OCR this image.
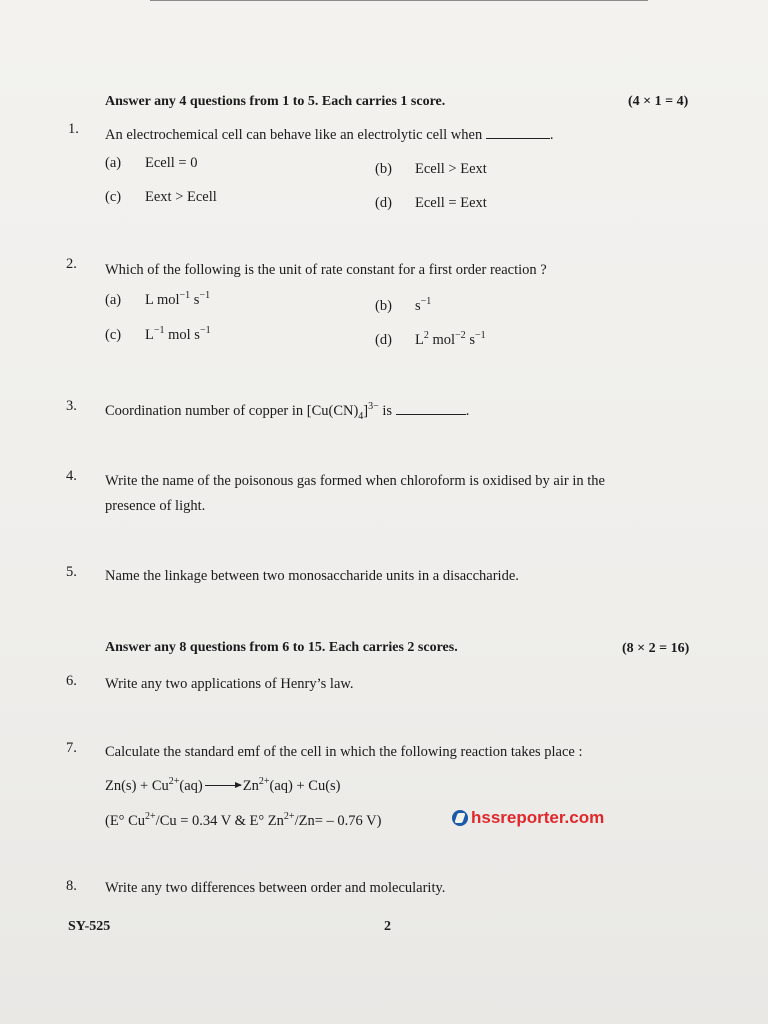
Answer any 4 questions from 1 to 5. Each carries 1 score.	(4 × 1 = 4)
1. An electrochemical cell can behave like an electrolytic cell when	.
(a) Ecell = 0	(b) Ecell > Eext
(c) Eext > Ecell	(d) Ecell = Eext
2. Which of the following is the unit of rate constant for a first order reaction ?
(a) L mol$^{-1}$ $s^{-1}$
(b) $s^{-1}$
(c) $L^{-1}$ mol $s^{-1}$
(d) $L^2$ mol$^{-2}$ $s^{-1}$
3. Coordination number of copper in $[Cu(CN)_4]^{3-}$ is	.
4. Write the name of the poisonous gas formed when chloroform is oxidised by air in the
presence of light.
5. Name the linkage between two monosaccharide units in a disaccharide.
Answer any 8 questions from 6 to 15. Each carries 2 scores.	(8 × 2 = 16)
6. Write any two applications of Henry’s law.
7. Calculate the standard emf of the cell in which the following reaction takes place :
$Zn(s) + Cu^{2+}(aq)$	$Zn^{2+}(aq) + Cu(s)$
(E° $Cu^{2+}/Cu = 0.34$ V & E° $Zn^{2+}/Zn= - 0.76$ V)	hssreporter.com
8. Write any two differences between order and molecularity.
SY-525	2
